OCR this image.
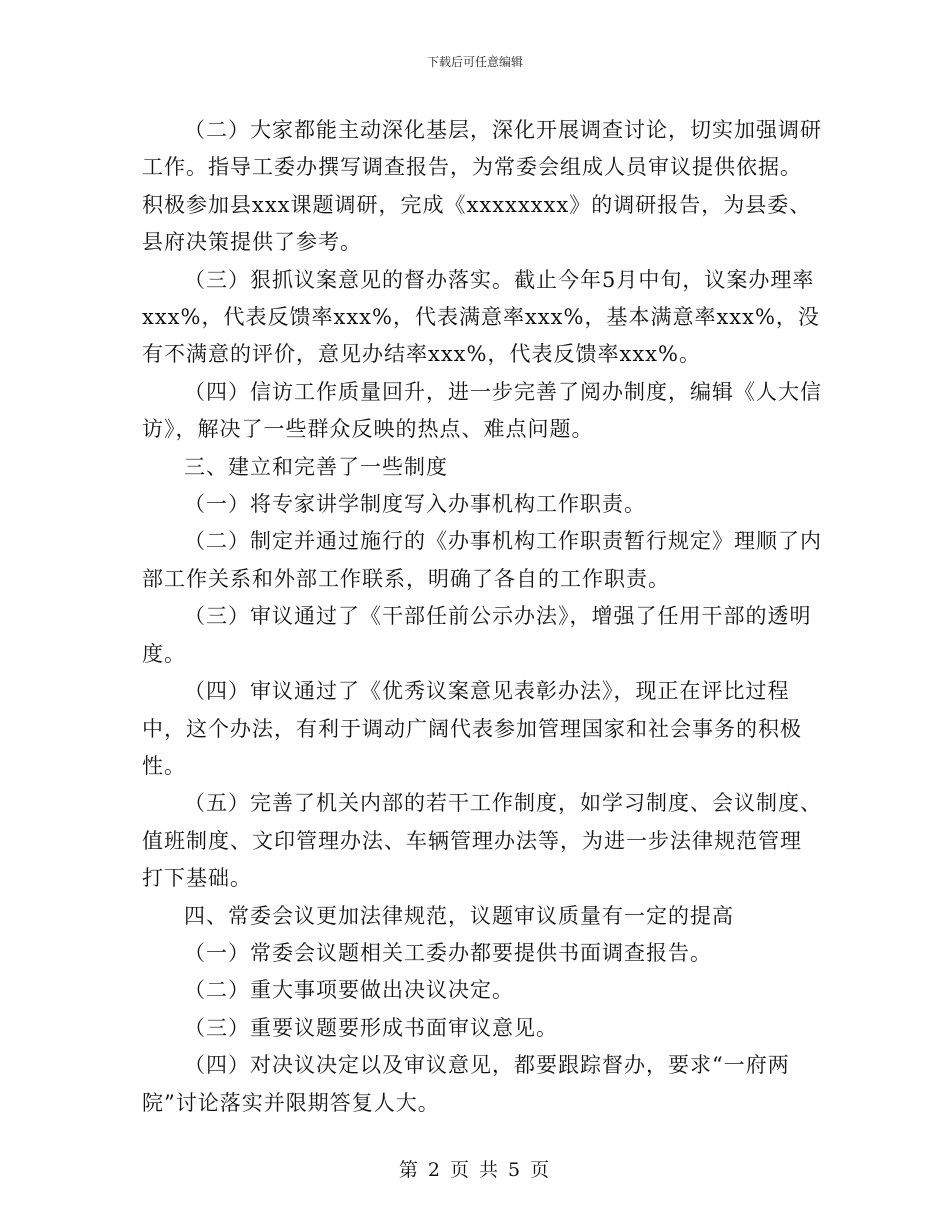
下载后可任意编辑

（二）大家都能主动深化基层，深化开展调查讨论，切实加强调研工作。指导工委办撰写调查报告，为常委会组成人员审议提供依据。积极参加县xxx课题调研，完成《xxxxxxxx》的调研报告，为县委、县府决策提供了参考。

（三）狠抓议案意见的督办落实。截止今年5月中旬，议案办理率xxx%，代表反馈率xxx%，代表满意率xxx%，基本满意率xxx%，没有不满意的评价，意见办结率xxx%，代表反馈率xxx%。

（四）信访工作质量回升，进一步完善了阅办制度，编辑《人大信访》，解决了一些群众反映的热点、难点问题。

三、建立和完善了一些制度

（一）将专家讲学制度写入办事机构工作职责。

（二）制定并通过施行的《办事机构工作职责暂行规定》理顺了内部工作关系和外部工作联系，明确了各自的工作职责。

（三）审议通过了《干部任前公示办法》，增强了任用干部的透明度。

（四）审议通过了《优秀议案意见表彰办法》，现正在评比过程中，这个办法，有利于调动广阔代表参加管理国家和社会事务的积极性。

（五）完善了机关内部的若干工作制度，如学习制度、会议制度、值班制度、文印管理办法、车辆管理办法等，为进一步法律规范管理打下基础。

四、常委会议更加法律规范，议题审议质量有一定的提高

（一）常委会议题相关工委办都要提供书面调查报告。

（二）重大事项要做出决议决定。

（三）重要议题要形成书面审议意见。

（四）对决议决定以及审议意见，都要跟踪督办，要求“一府两院”讨论落实并限期答复人大。

第 2 页 共 5 页
